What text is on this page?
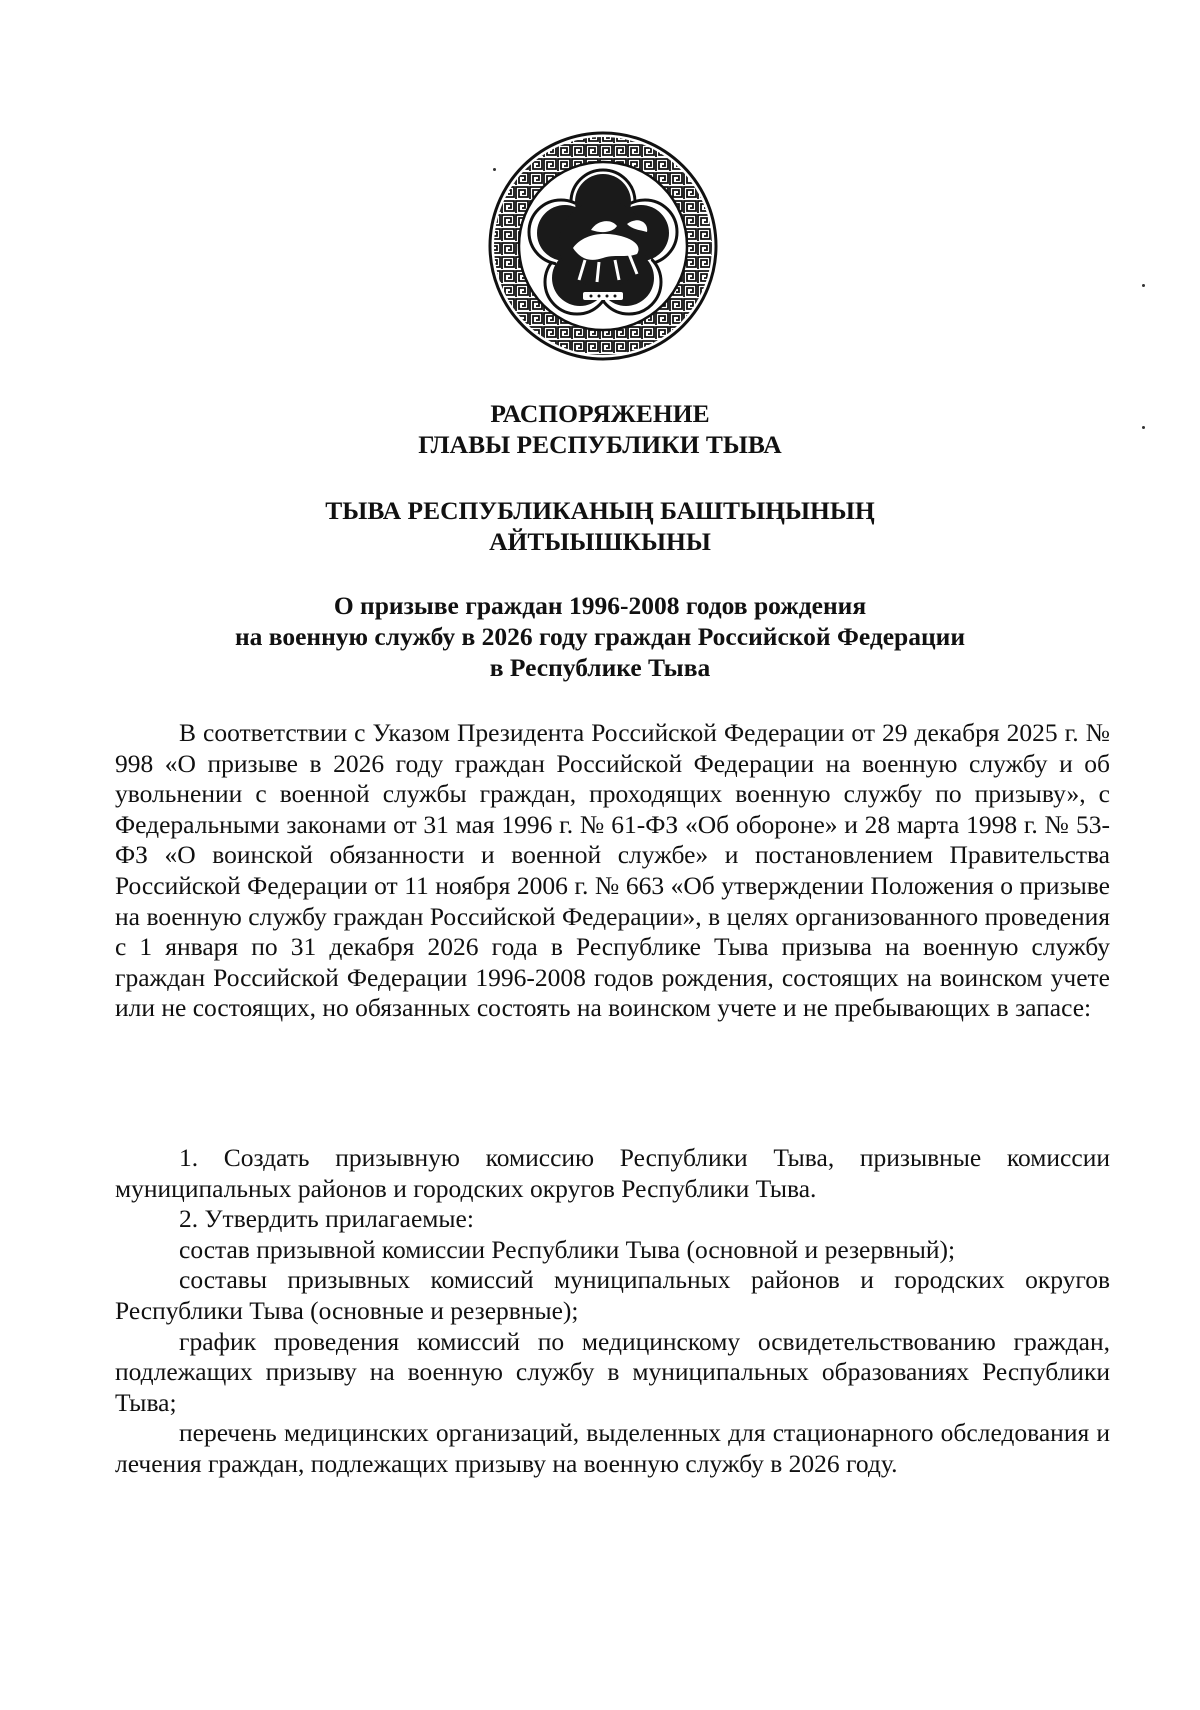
РАСПОРЯЖЕНИЕ
ГЛАВЫ РЕСПУБЛИКИ ТЫВА
ТЫВА РЕСПУБЛИКАНЫҢ БАШТЫҢЫНЫҢ
АЙТЫЫШКЫНЫ
О призыве граждан 1996-2008 годов рождения
на военную службу в 2026 году граждан Российской Федерации
в Республике Тыва

В соответствии с Указом Президента Российской Федерации от 29 декабря 2025 г. № 998 «О призыве в 2026 году граждан Российской Федерации на военную службу и об увольнении с военной службы граждан, проходящих военную службу по призыву», с Федеральными законами от 31 мая 1996 г. № 61-ФЗ «Об обороне» и 28 марта 1998 г. № 53-ФЗ «О воинской обязанности и военной службе» и постановлением Правительства Российской Федерации от 11 ноября 2006 г. № 663 «Об утверждении Положения о призыве на военную службу граждан Российской Федерации», в целях организованного проведения с 1 января по 31 декабря 2026 года в Республике Тыва призыва на военную службу граждан Российской Федерации 1996-2008 годов рождения, состоящих на воинском учете или не состоящих, но обязанных состоять на воинском учете и не пребывающих в запасе:

1. Создать призывную комиссию Республики Тыва, призывные комиссии муниципальных районов и городских округов Республики Тыва.

2. Утвердить прилагаемые:

состав призывной комиссии Республики Тыва (основной и резервный);

составы призывных комиссий муниципальных районов и городских округов Республики Тыва (основные и резервные);

график проведения комиссий по медицинскому освидетельствованию граждан, подлежащих призыву на военную службу в муниципальных образованиях Республики Тыва;

перечень медицинских организаций, выделенных для стационарного обследования и лечения граждан, подлежащих призыву на военную службу в 2026 году.
